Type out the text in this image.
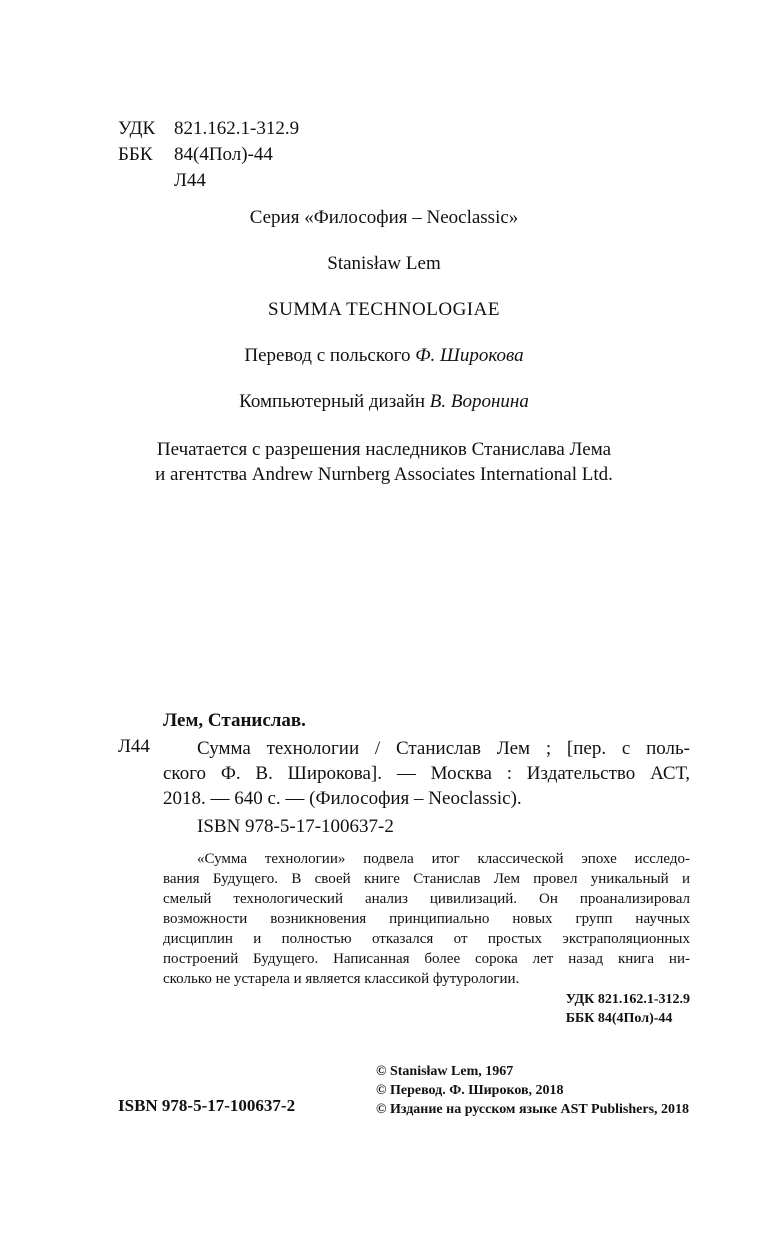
УДК 821.162.1-312.9
ББК 84(4Пол)-44
Л44
Серия «Философия – Neoclassic»
Stanisław Lem
SUMMA TECHNOLOGIAE
Перевод с польского Ф. Широкова
Компьютерный дизайн В. Воронина
Печатается с разрешения наследников Станислава Лема
и агентства Andrew Nurnberg Associates International Ltd.
Лем, Станислав.
Л44	Сумма технологии / Станислав Лем ; [пер. с поль-
ского Ф. В. Широкова]. — Москва : Издательство АСТ,
2018. — 640 с. — (Философия – Neoclassic).
ISBN 978-5-17-100637-2
«Сумма технологии» подвела итог классической эпохе исследо-
вания Будущего. В своей книге Станислав Лем провел уникальный и
смелый технологический анализ цивилизаций. Он проанализировал
возможности возникновения принципиально новых групп научных
дисциплин и полностью отказался от простых экстраполяционных
построений Будущего. Написанная более сорока лет назад книга ни-
сколько не устарела и является классикой футурологии.
УДК 821.162.1-312.9
ББК 84(4Пол)-44
© Stanisław Lem, 1967
© Перевод. Ф. Широков, 2018
© Издание на русском языке AST Publishers, 2018
ISBN 978-5-17-100637-2
